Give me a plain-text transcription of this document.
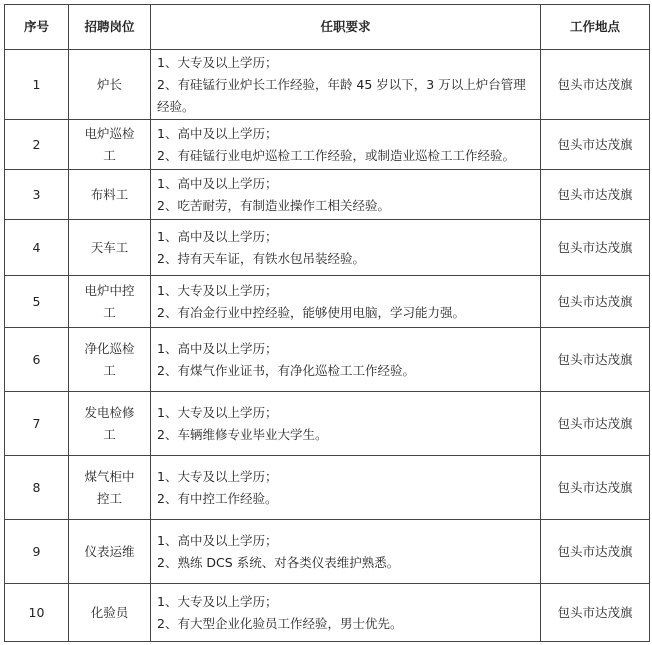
序号	招聘岗位	任职要求	工作地点
1	炉长	1、大专及以上学历；
2、有硅锰行业炉长工作经验，年龄 45 岁以下，3 万以上炉台管理经验。	包头市达茂旗
2	电炉巡检工	1、高中及以上学历；
2、有硅锰行业电炉巡检工工作经验，或制造业巡检工工作经验。	包头市达茂旗
3	布料工	1、高中及以上学历；
2、吃苦耐劳，有制造业操作工相关经验。	包头市达茂旗
4	天车工	1、高中及以上学历；
2、持有天车证，有铁水包吊装经验。	包头市达茂旗
5	电炉中控工	1、大专及以上学历；
2、有冶金行业中控经验，能够使用电脑，学习能力强。	包头市达茂旗
6	净化巡检工	1、高中及以上学历；
2、有煤气作业证书，有净化巡检工工作经验。	包头市达茂旗
7	发电检修工	1、大专及以上学历；
2、车辆维修专业毕业大学生。	包头市达茂旗
8	煤气柜中控工	1、大专及以上学历；
2、有中控工作经验。	包头市达茂旗
9	仪表运维	1、高中及以上学历；
2、熟练 DCS 系统、对各类仪表维护熟悉。	包头市达茂旗
10	化验员	1、大专及以上学历；
2、有大型企业化验员工作经验，男士优先。	包头市达茂旗
